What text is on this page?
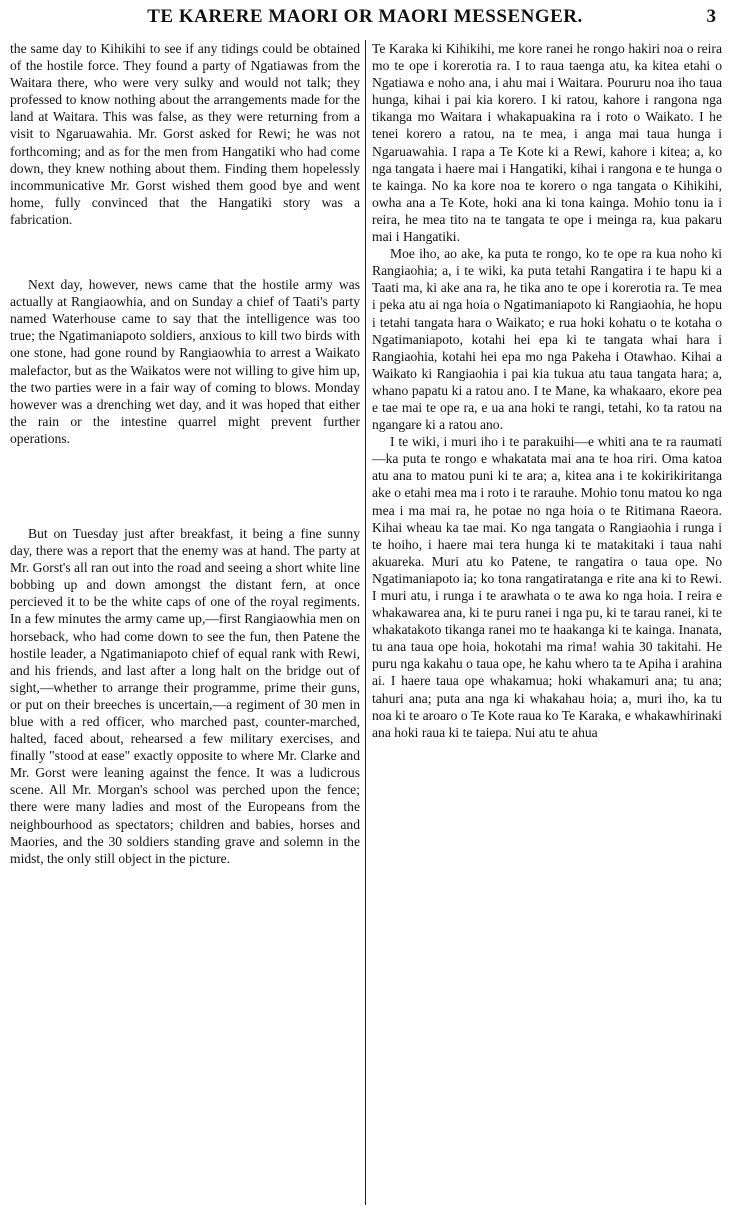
TE KARERE MAORI OR MAORI MESSENGER.	3

the same day to Kihikihi to see if any tidings could be obtained of the hostile force. They found a party of Ngatiawas from the Waitara there, who were very sulky and would not talk; they professed to know nothing about the arrangements made for the land at Waitara. This was false, as they were returning from a visit to Ngaruawahia. Mr. Gorst asked for Rewi; he was not forthcoming; and as for the men from Hangatiki who had come down, they knew nothing about them. Finding them hopelessly incommunicative Mr. Gorst wished them good bye and went home, fully convinced that the Hangatiki story was a fabrication.

Next day, however, news came that the hostile army was actually at Rangiaowhia, and on Sunday a chief of Taati's party named Waterhouse came to say that the intelligence was too true; the Ngatimaniapoto soldiers, anxious to kill two birds with one stone, had gone round by Rangiaowhia to arrest a Waikato malefactor, but as the Waikatos were not willing to give him up, the two parties were in a fair way of coming to blows. Monday however was a drenching wet day, and it was hoped that either the rain or the intestine quarrel might prevent further operations.

But on Tuesday just after breakfast, it being a fine sunny day, there was a report that the enemy was at hand. The party at Mr. Gorst's all ran out into the road and seeing a short white line bobbing up and down amongst the distant fern, at once percieved it to be the white caps of one of the royal regiments. In a few minutes the army came up,—first Rangiaowhia men on horseback, who had come down to see the fun, then Patene the hostile leader, a Ngatimaniapoto chief of equal rank with Rewi, and his friends, and last after a long halt on the bridge out of sight,—whether to arrange their programme, prime their guns, or put on their breeches is uncertain,—a regiment of 30 men in blue with a red officer, who marched past, counter-marched, halted, faced about, rehearsed a few military exercises, and finally "stood at ease" exactly opposite to where Mr. Clarke and Mr. Gorst were leaning against the fence. It was a ludicrous scene. All Mr. Morgan's school was perched upon the fence; there were many ladies and most of the Europeans from the neighbourhood as spectators; children and babies, horses and Maories, and the 30 soldiers standing grave and solemn in the midst, the only still object in the picture.

Te Karaka ki Kihikihi, me kore ranei he rongo hakiri noa o reira mo te ope i korerotia ra. I to raua taenga atu, ka kitea etahi o Ngatiawa e noho ana, i ahu mai i Waitara. Poururu noa iho taua hunga, kihai i pai kia korero. I ki ratou, kahore i rangona nga tikanga mo Waitara i whakapuakina ra i roto o Waikato. I he tenei korero a ratou, na te mea, i anga mai taua hunga i Ngaruawahia. I rapa a Te Kote ki a Rewi, kahore i kitea; a, ko nga tangata i haere mai i Hangatiki, kihai i rangona e te hunga o te kainga. No ka kore noa te korero o nga tangata o Kihikihi, owha ana a Te Kote, hoki ana ki tona kainga. Mohio tonu ia i reira, he mea tito na te tangata te ope i meinga ra, kua pakaru mai i Hangatiki.

Moe iho, ao ake, ka puta te rongo, ko te ope ra kua noho ki Rangiaohia; a, i te wiki, ka puta tetahi Rangatira i te hapu ki a Taati ma, ki ake ana ra, he tika ano te ope i korerotia ra. Te mea i peka atu ai nga hoia o Ngatimaniapoto ki Rangiaohia, he hopu i tetahi tangata hara o Waikato; e rua hoki kohatu o te kotaha o Ngatimaniapoto, kotahi hei epa ki te tangata whai hara i Rangiaohia, kotahi hei epa mo nga Pakeha i Otawhao. Kihai a Waikato ki Rangiaohia i pai kia tukua atu taua tangata hara; a, whano papatu ki a ratou ano. I te Mane, ka whakaaro, ekore pea e tae mai te ope ra, e ua ana hoki te rangi, tetahi, ko ta ratou na ngangare ki a ratou ano.

I te wiki, i muri iho i te parakuihi—e whiti ana te ra raumati—ka puta te rongo e whakatata mai ana te hoa riri. Oma katoa atu ana to matou puni ki te ara; a, kitea ana i te kokirikiritanga ake o etahi mea ma i roto i te rarauhe. Mohio tonu matou ko nga mea i ma mai ra, he potae no nga hoia o te Ritimana Raeora. Kihai wheau ka tae mai. Ko nga tangata o Rangiaohia i runga i te hoiho, i haere mai tera hunga ki te matakitaki i taua nahi akuareka. Muri atu ko Patene, te rangatira o taua ope. No Ngatimaniapoto ia; ko tona rangatiratanga e rite ana ki to Rewi. I muri atu, i runga i te arawhata o te awa ko nga hoia. I reira e whakawarea ana, ki te puru ranei i nga pu, ki te tarau ranei, ki te whakatakoto tikanga ranei mo te haakanga ki te kainga. Inanata, tu ana taua ope hoia, hokotahi ma rima! wahia 30 takitahi. He puru nga kakahu o taua ope, he kahu whero ta te Apiha i arahina ai. I haere taua ope whakamua; hoki whakamuri ana; tu ana; tahuri ana; puta ana nga ki whakahau hoia; a, muri iho, ka tu noa ki te aroaro o Te Kote raua ko Te Karaka, e whakawhirinaki ana hoki raua ki te taiepa. Nui atu te ahua
